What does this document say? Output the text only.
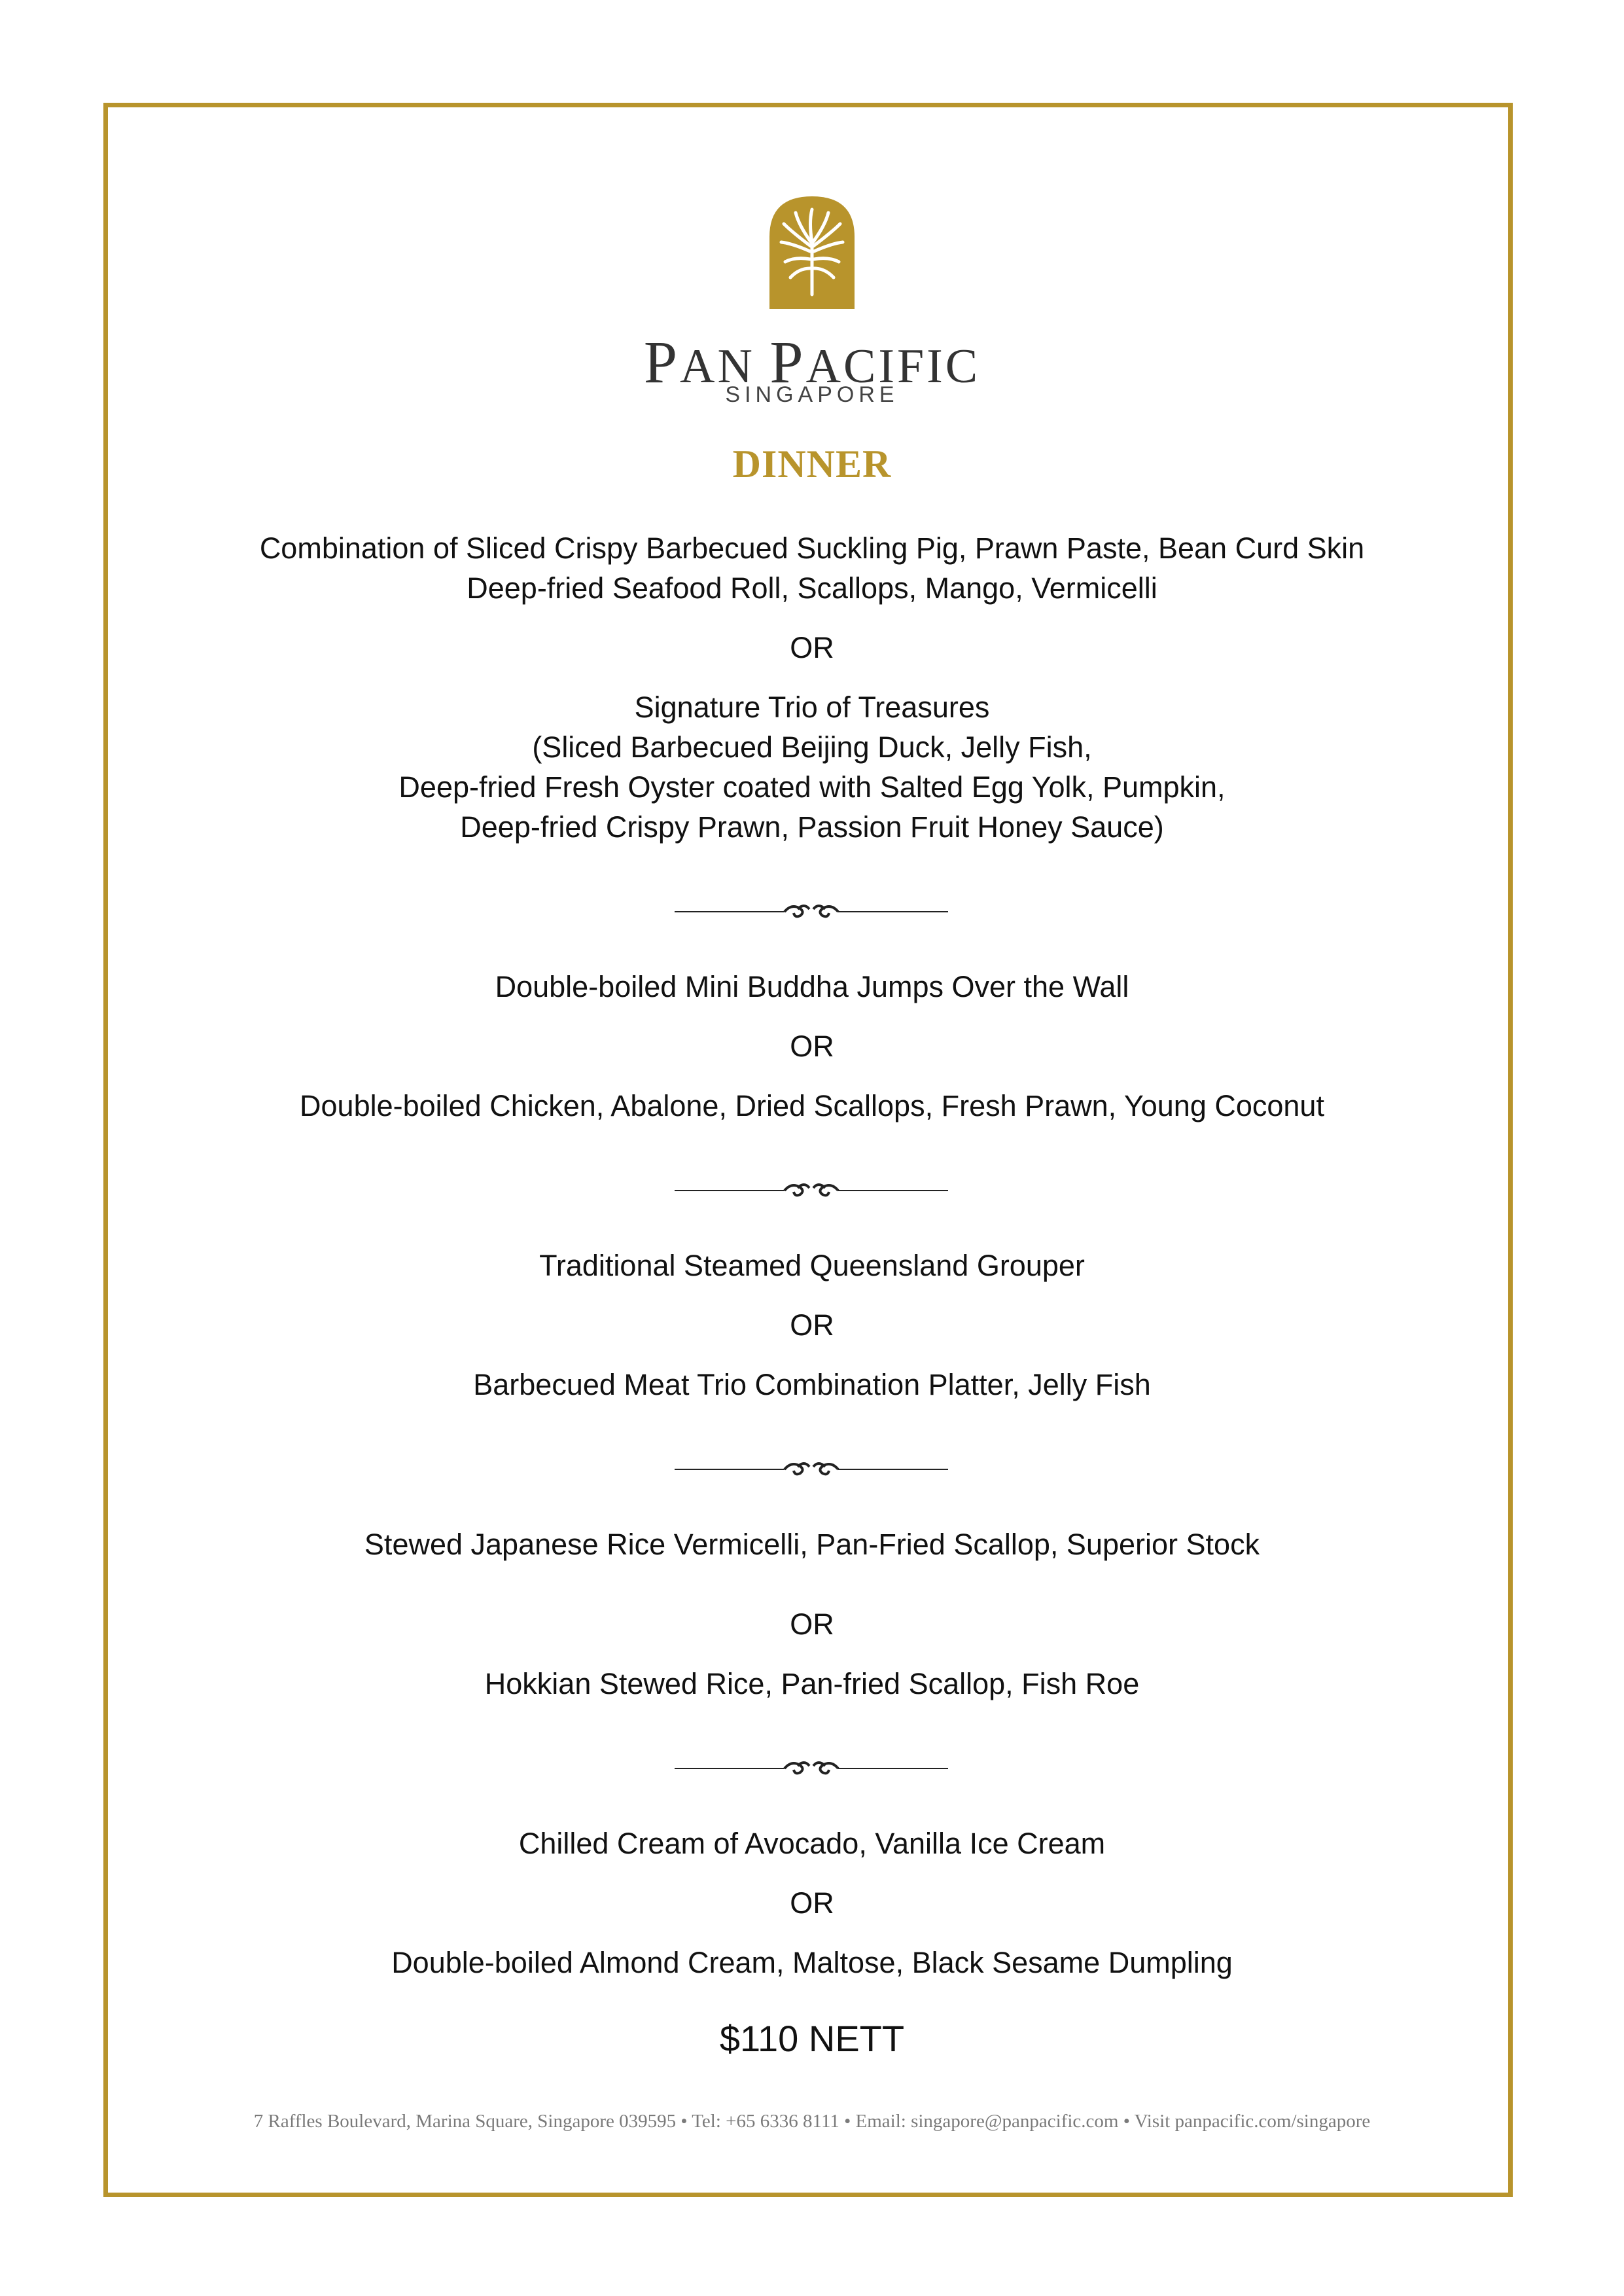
PAN PACIFIC
SINGAPORE
DINNER
Combination of Sliced Crispy Barbecued Suckling Pig, Prawn Paste, Bean Curd Skin
Deep-fried Seafood Roll, Scallops, Mango, Vermicelli
OR
Signature Trio of Treasures
(Sliced Barbecued Beijing Duck, Jelly Fish,
Deep-fried Fresh Oyster coated with Salted Egg Yolk, Pumpkin,
Deep-fried Crispy Prawn, Passion Fruit Honey Sauce)
Double-boiled Mini Buddha Jumps Over the Wall
OR
Double-boiled Chicken, Abalone, Dried Scallops, Fresh Prawn, Young Coconut
Traditional Steamed Queensland Grouper
OR
Barbecued Meat Trio Combination Platter, Jelly Fish
Stewed Japanese Rice Vermicelli, Pan-Fried Scallop, Superior Stock
OR
Hokkian Stewed Rice, Pan-fried Scallop, Fish Roe
Chilled Cream of Avocado, Vanilla Ice Cream
OR
Double-boiled Almond Cream, Maltose, Black Sesame Dumpling
$110 NETT
7 Raffles Boulevard, Marina Square, Singapore 039595 • Tel: +65 6336 8111 • Email: singapore@panpacific.com • Visit panpacific.com/singapore
